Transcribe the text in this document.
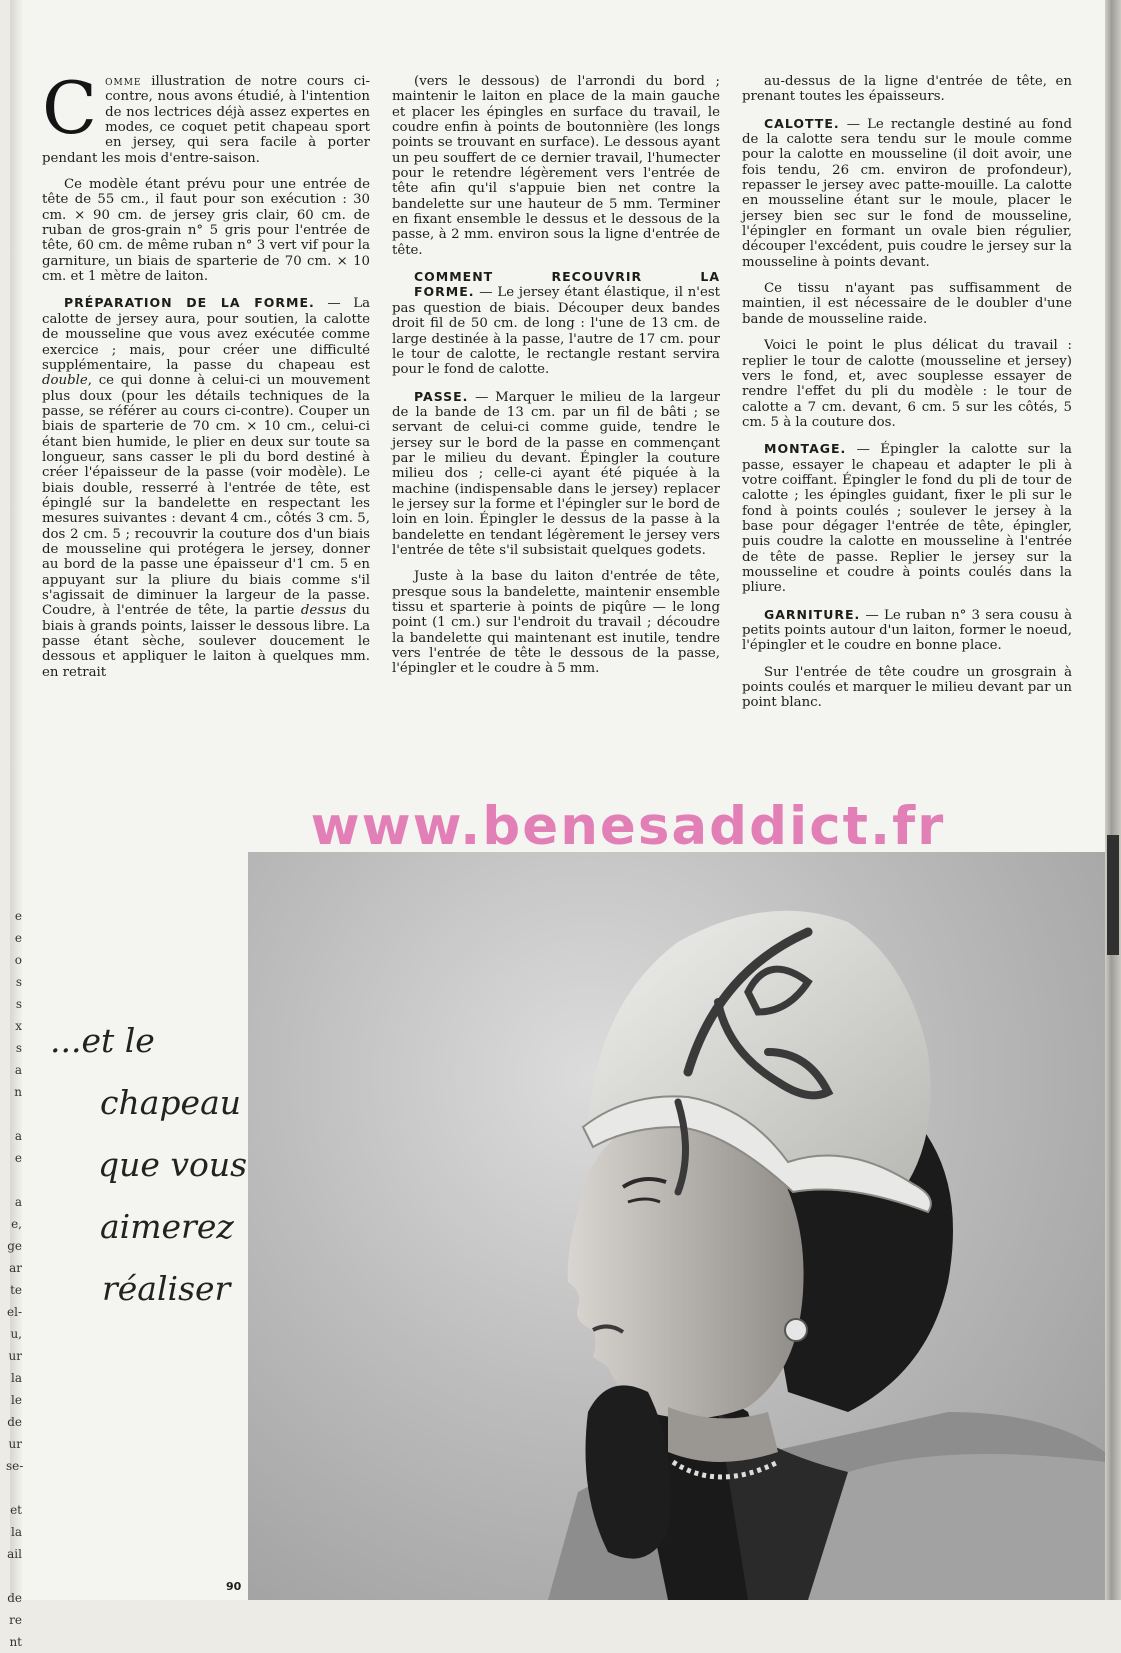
Comme illustration de notre cours ci-contre, nous avons étudié, à l'intention de nos lectrices déjà assez expertes en modes, ce coquet petit chapeau sport en jersey, qui sera facile à porter pendant les mois d'entre-saison.

Ce modèle étant prévu pour une entrée de tête de 55 cm., il faut pour son exécution : 30 cm. × 90 cm. de jersey gris clair, 60 cm. de ruban de gros-grain n° 5 gris pour l'entrée de tête, 60 cm. de même ruban n° 3 vert vif pour la garniture, un biais de sparterie de 70 cm. × 10 cm. et 1 mètre de laiton.

PRÉPARATION DE LA FORME. — La calotte de jersey aura, pour soutien, la calotte de mousseline que vous avez exécutée comme exercice ; mais, pour créer une difficulté supplémentaire, la passe du chapeau est double, ce qui donne à celui-ci un mouvement plus doux (pour les détails techniques de la passe, se référer au cours ci-contre). Couper un biais de sparterie de 70 cm. × 10 cm., celui-ci étant bien humide, le plier en deux sur toute sa longueur, sans casser le pli du bord destiné à créer l'épaisseur de la passe (voir modèle). Le biais double, resserré à l'entrée de tête, est épinglé sur la bandelette en respectant les mesures suivantes : devant 4 cm., côtés 3 cm. 5, dos 2 cm. 5 ; recouvrir la couture dos d'un biais de mousseline qui protégera le jersey, donner au bord de la passe une épaisseur d'1 cm. 5 en appuyant sur la pliure du biais comme s'il s'agissait de diminuer la largeur de la passe. Coudre, à l'entrée de tête, la partie dessus du biais à grands points, laisser le dessous libre. La passe étant sèche, soulever doucement le dessous et appliquer le laiton à quelques mm. en retrait

(vers le dessous) de l'arrondi du bord ; maintenir le laiton en place de la main gauche et placer les épingles en surface du travail, le coudre enfin à points de boutonnière (les longs points se trouvant en surface). Le dessous ayant un peu souffert de ce dernier travail, l'humecter pour le retendre légèrement vers l'entrée de tête afin qu'il s'appuie bien net contre la bandelette sur une hauteur de 5 mm. Terminer en fixant ensemble le dessus et le dessous de la passe, à 2 mm. environ sous la ligne d'entrée de tête.

COMMENT	RECOUVRIR	LA

FORME. — Le jersey étant élastique, il n'est pas question de biais. Découper deux bandes droit fil de 50 cm. de long : l'une de 13 cm. de large destinée à la passe, l'autre de 17 cm. pour le tour de calotte, le rectangle restant servira pour le fond de calotte.

PASSE. — Marquer le milieu de la largeur de la bande de 13 cm. par un fil de bâti ; se servant de celui-ci comme guide, tendre le jersey sur le bord de la passe en commençant par le milieu du devant. Épingler la couture milieu dos ; celle-ci ayant été piquée à la machine (indispensable dans le jersey) replacer le jersey sur la forme et l'épingler sur le bord de loin en loin. Épingler le dessus de la passe à la bandelette en tendant légèrement le jersey vers l'entrée de tête s'il subsistait quelques godets.

Juste à la base du laiton d'entrée de tête, presque sous la bandelette, maintenir ensemble tissu et sparterie à points de piqûre — le long point (1 cm.) sur l'endroit du travail ; découdre la bandelette qui maintenant est inutile, tendre vers l'entrée de tête le dessous de la passe, l'épingler et le coudre à 5 mm.

au-dessus de la ligne d'entrée de tête, en prenant toutes les épaisseurs.

CALOTTE. — Le rectangle destiné au fond de la calotte sera tendu sur le moule comme pour la calotte en mousseline (il doit avoir, une fois tendu, 26 cm. environ de profondeur), repasser le jersey avec patte-mouille. La calotte en mousseline étant sur le moule, placer le jersey bien sec sur le fond de mousseline, l'épingler en formant un ovale bien régulier, découper l'excédent, puis coudre le jersey sur la mousseline à points devant.

Ce tissu n'ayant pas suffisamment de maintien, il est nécessaire de le doubler d'une bande de mousseline raide.

Voici le point le plus délicat du travail : replier le tour de calotte (mousseline et jersey) vers le fond, et, avec souplesse essayer de rendre l'effet du pli du modèle : le tour de calotte a 7 cm. devant, 6 cm. 5 sur les côtés, 5 cm. 5 à la couture dos.

MONTAGE. — Épingler la calotte sur la passe, essayer le chapeau et adapter le pli à votre coiffant. Épingler le fond du pli de tour de calotte ; les épingles guidant, fixer le pli sur le fond à points coulés ; soulever le jersey à la base pour dégager l'entrée de tête, épingler, puis coudre la calotte en mousseline à l'entrée de tête de passe. Replier le jersey sur la mousseline et coudre à points coulés dans la pliure.

GARNITURE. — Le ruban n° 3 sera cousu à petits points autour d'un laiton, former le noeud, l'épingler et le coudre en bonne place.

Sur l'entrée de tête coudre un grosgrain à points coulés et marquer le milieu devant par un point blanc.

e
e
o
s
s
x
s
a
n

a
e

a
e,
ge
ar
te
el-
u,
ur
la
le
de
ur
se-

et
la
ail

de
re
nt
...et le
chapeau
que vous
aimerez
réaliser
www.benesaddict.fr
90
